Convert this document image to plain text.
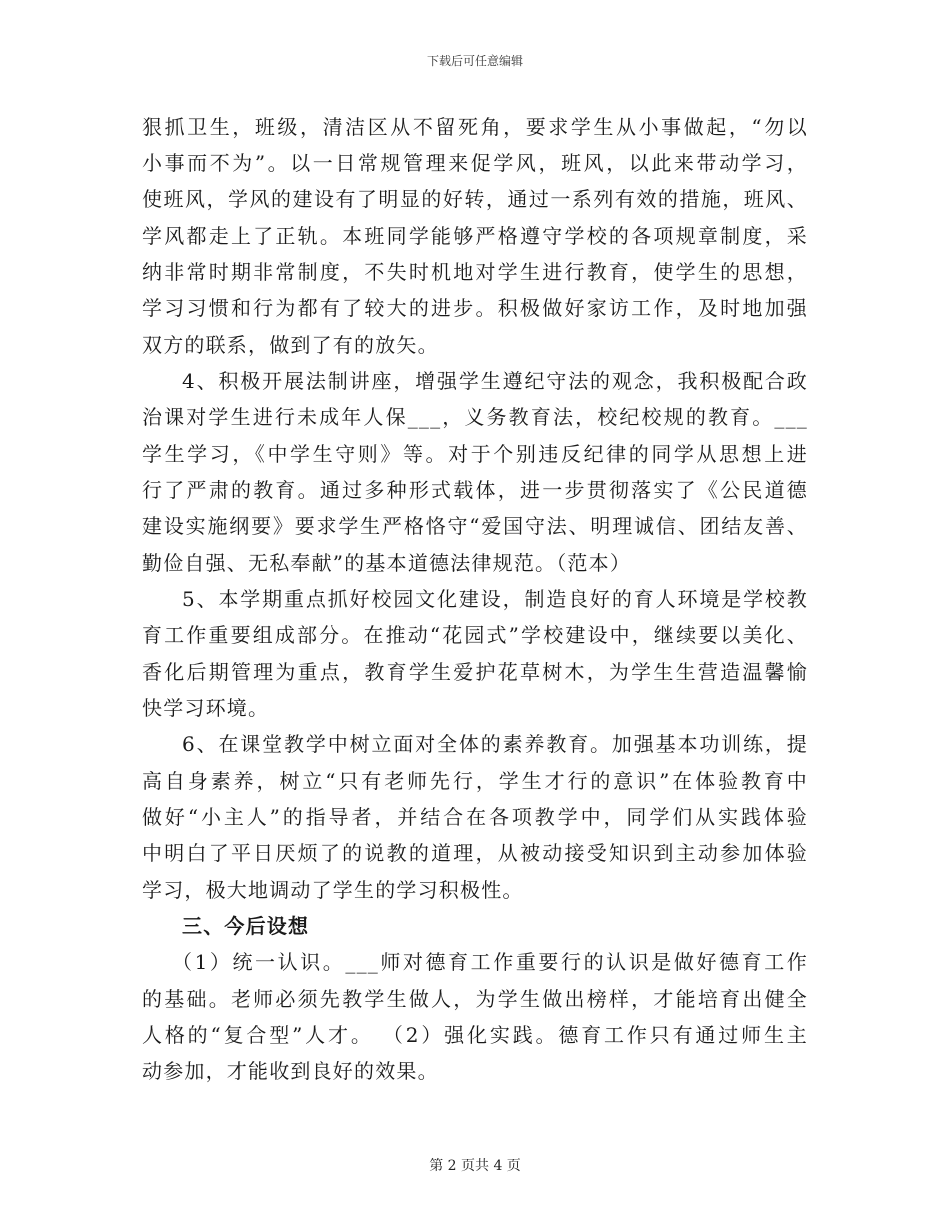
下载后可任意编辑
狠抓卫生，班级，清洁区从不留死角，要求学生从小事做起，“勿以
小事而不为”。以一日常规管理来促学风，班风，以此来带动学习，
使班风，学风的建设有了明显的好转，通过一系列有效的措施，班风、
学风都走上了正轨。本班同学能够严格遵守学校的各项规章制度，采
纳非常时期非常制度，不失时机地对学生进行教育，使学生的思想，
学习习惯和行为都有了较大的进步。积极做好家访工作，及时地加强
双方的联系，做到了有的放矢。
4、积极开展法制讲座，增强学生遵纪守法的观念，我积极配合政
治课对学生进行未成年人保___，义务教育法，校纪校规的教育。___
学生学习，《中学生守则》等。对于个别违反纪律的同学从思想上进
行了严肃的教育。通过多种形式载体，进一步贯彻落实了《公民道德
建设实施纲要》要求学生严格恪守“爱国守法、明理诚信、团结友善、
勤俭自强、无私奉献”的基本道德法律规范。（范本）
5、本学期重点抓好校园文化建设，制造良好的育人环境是学校教
育工作重要组成部分。在推动“花园式”学校建设中，继续要以美化、
香化后期管理为重点，教育学生爱护花草树木，为学生生营造温馨愉
快学习环境。
6、在课堂教学中树立面对全体的素养教育。加强基本功训练，提
高自身素养，树立“只有老师先行，学生才行的意识”在体验教育中
做好“小主人”的指导者，并结合在各项教学中，同学们从实践体验
中明白了平日厌烦了的说教的道理，从被动接受知识到主动参加体验
学习，极大地调动了学生的学习积极性。
三、今后设想
（1）统一认识。___师对德育工作重要行的认识是做好德育工作
的基础。老师必须先教学生做人，为学生做出榜样，才能培育出健全
人格的“复合型”人才。 （2）强化实践。德育工作只有通过师生主
动参加，才能收到良好的效果。
第 2 页共 4 页
